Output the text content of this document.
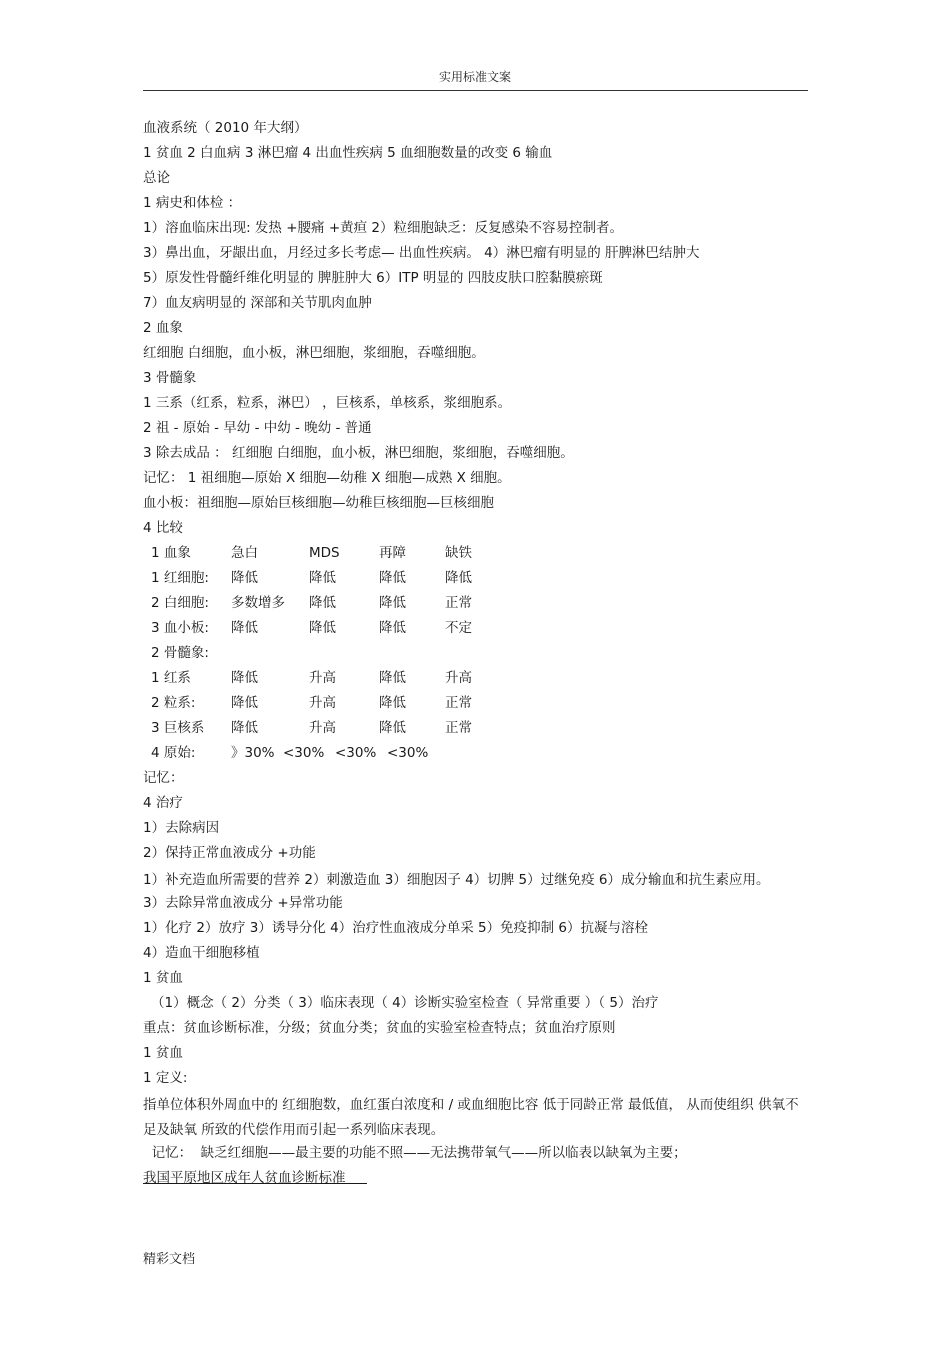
实用标准文案
血液系统（ 2010 年大纲）
1 贫血 2 白血病 3 淋巴瘤 4 出血性疾病 5 血细胞数量的改变 6 输血
总论
1 病史和体检 ：
1）溶血临床出现: 发热 +腰痛 +黄疸 2）粒细胞缺乏：反复感染不容易控制者。
3）鼻出血，牙龈出血，月经过多长考虑— 出血性疾病。 4）淋巴瘤有明显的 肝脾淋巴结肿大
5）原发性骨髓纤维化明显的 脾脏肿大 6）ITP 明显的 四肢皮肤口腔黏膜瘀斑
7）血友病明显的 深部和关节肌肉血肿
2 血象
红细胞 白细胞，血小板，淋巴细胞，浆细胞，吞噬细胞。
3 骨髓象
1 三系（红系，粒系，淋巴） ，巨核系，单核系，浆细胞系。
2 祖 - 原始 - 早幼 - 中幼 - 晚幼 - 普通
3 除去成品 ： 红细胞 白细胞，血小板，淋巴细胞，浆细胞，吞噬细胞。
记忆： 1 祖细胞—原始 X 细胞—幼稚 X 细胞—成熟 X 细胞。
血小板：祖细胞—原始巨核细胞—幼稚巨核细胞—巨核细胞
4 比较
1 血象	急白	MDS	再障	缺铁
1 红细胞:	降低	降低	降低	降低
2 白细胞:	多数增多	降低	降低	正常
3 血小板:	降低	降低	降低	不定
2 骨髓象:
1 红系	降低	升高	降低	升高
2 粒系:	降低	升高	降低	正常
3 巨核系	降低	升高	降低	正常
4 原始:	》30% <30% <30% <30%
记忆：
4 治疗
1）去除病因
2）保持正常血液成分 +功能
1）补充造血所需要的营养 2）刺激造血 3）细胞因子 4）切脾 5）过继免疫 6）成分输血和抗生素应用。
3）去除异常血液成分 +异常功能
1）化疗 2）放疗 3）诱导分化 4）治疗性血液成分单采 5）免疫抑制 6）抗凝与溶栓
4）造血干细胞移植
1 贫血
（1）概念（ 2）分类（ 3）临床表现（ 4）诊断实验室检查（ 异常重要 ）（ 5）治疗
重点：贫血诊断标准，分级；贫血分类；贫血的实验室检查特点；贫血治疗原则
1 贫血
1 定义:
指单位体积外周血中的 红细胞数，血红蛋白浓度和 / 或血细胞比容 低于同龄正常 最低值， 从而使组织 供氧不足及缺氧 所致的代偿作用而引起一系列临床表现。
记忆：  缺乏红细胞——最主要的功能不照——无法携带氧气——所以临表以缺氧为主要；
我国平原地区成年人贫血诊断标准
精彩文档
